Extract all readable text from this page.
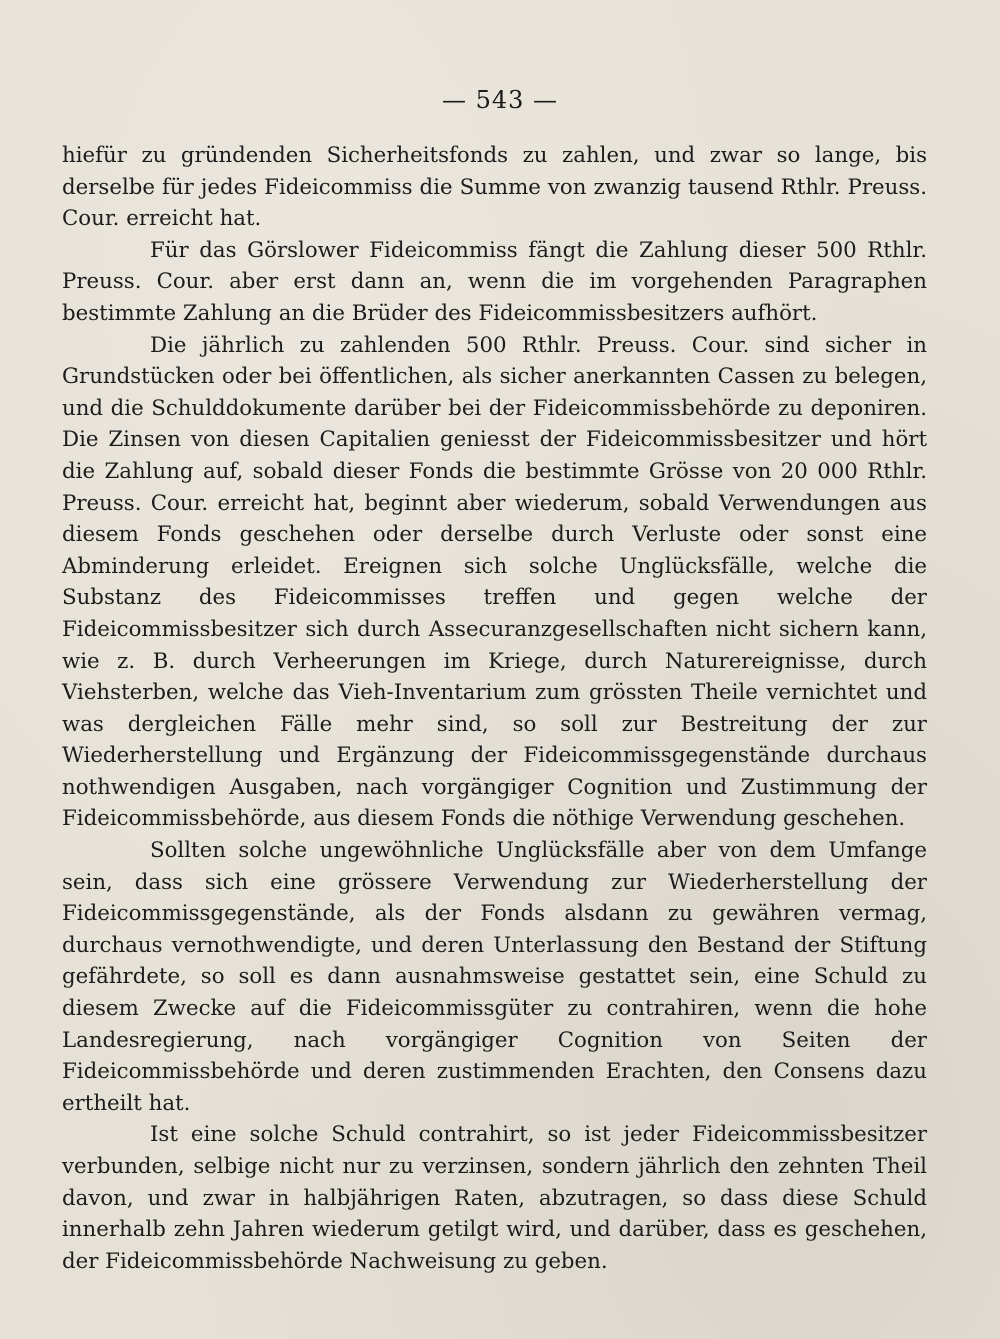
— 543 —

hiefür zu gründenden Sicherheitsfonds zu zahlen, und zwar so lange, bis derselbe für jedes Fideicommiss die Summe von zwanzig tausend Rthlr. Preuss. Cour. erreicht hat.

Für das Görslower Fideicommiss fängt die Zahlung dieser 500 Rthlr. Preuss. Cour. aber erst dann an, wenn die im vorgehenden Paragraphen bestimmte Zahlung an die Brüder des Fideicommissbesitzers aufhört.

Die jährlich zu zahlenden 500 Rthlr. Preuss. Cour. sind sicher in Grundstücken oder bei öffentlichen, als sicher anerkannten Cassen zu belegen, und die Schulddokumente darüber bei der Fideicommissbehörde zu deponiren. Die Zinsen von diesen Capitalien geniesst der Fideicommissbesitzer und hört die Zahlung auf, sobald dieser Fonds die bestimmte Grösse von 20 000 Rthlr. Preuss. Cour. erreicht hat, beginnt aber wiederum, sobald Verwendungen aus diesem Fonds geschehen oder derselbe durch Verluste oder sonst eine Abminderung erleidet. Ereignen sich solche Unglücksfälle, welche die Substanz des Fideicommisses treffen und gegen welche der Fideicommissbesitzer sich durch Assecuranzgesellschaften nicht sichern kann, wie z. B. durch Verheerungen im Kriege, durch Naturereignisse, durch Viehsterben, welche das Vieh-Inventarium zum grössten Theile vernichtet und was dergleichen Fälle mehr sind, so soll zur Bestreitung der zur Wiederherstellung und Ergänzung der Fideicommissgegenstände durchaus nothwendigen Ausgaben, nach vorgängiger Cognition und Zustimmung der Fideicommissbehörde, aus diesem Fonds die nöthige Verwendung geschehen.

Sollten solche ungewöhnliche Unglücksfälle aber von dem Umfange sein, dass sich eine grössere Verwendung zur Wiederherstellung der Fideicommissgegenstände, als der Fonds alsdann zu gewähren vermag, durchaus vernothwendigte, und deren Unterlassung den Bestand der Stiftung gefährdete, so soll es dann ausnahmsweise gestattet sein, eine Schuld zu diesem Zwecke auf die Fideicommissgüter zu contrahiren, wenn die hohe Landesregierung, nach vorgängiger Cognition von Seiten der Fideicommissbehörde und deren zustimmenden Erachten, den Consens dazu ertheilt hat.

Ist eine solche Schuld contrahirt, so ist jeder Fideicommissbesitzer verbunden, selbige nicht nur zu verzinsen, sondern jährlich den zehnten Theil davon, und zwar in halbjährigen Raten, abzutragen, so dass diese Schuld innerhalb zehn Jahren wiederum getilgt wird, und darüber, dass es geschehen, der Fideicommissbehörde Nachweisung zu geben.
